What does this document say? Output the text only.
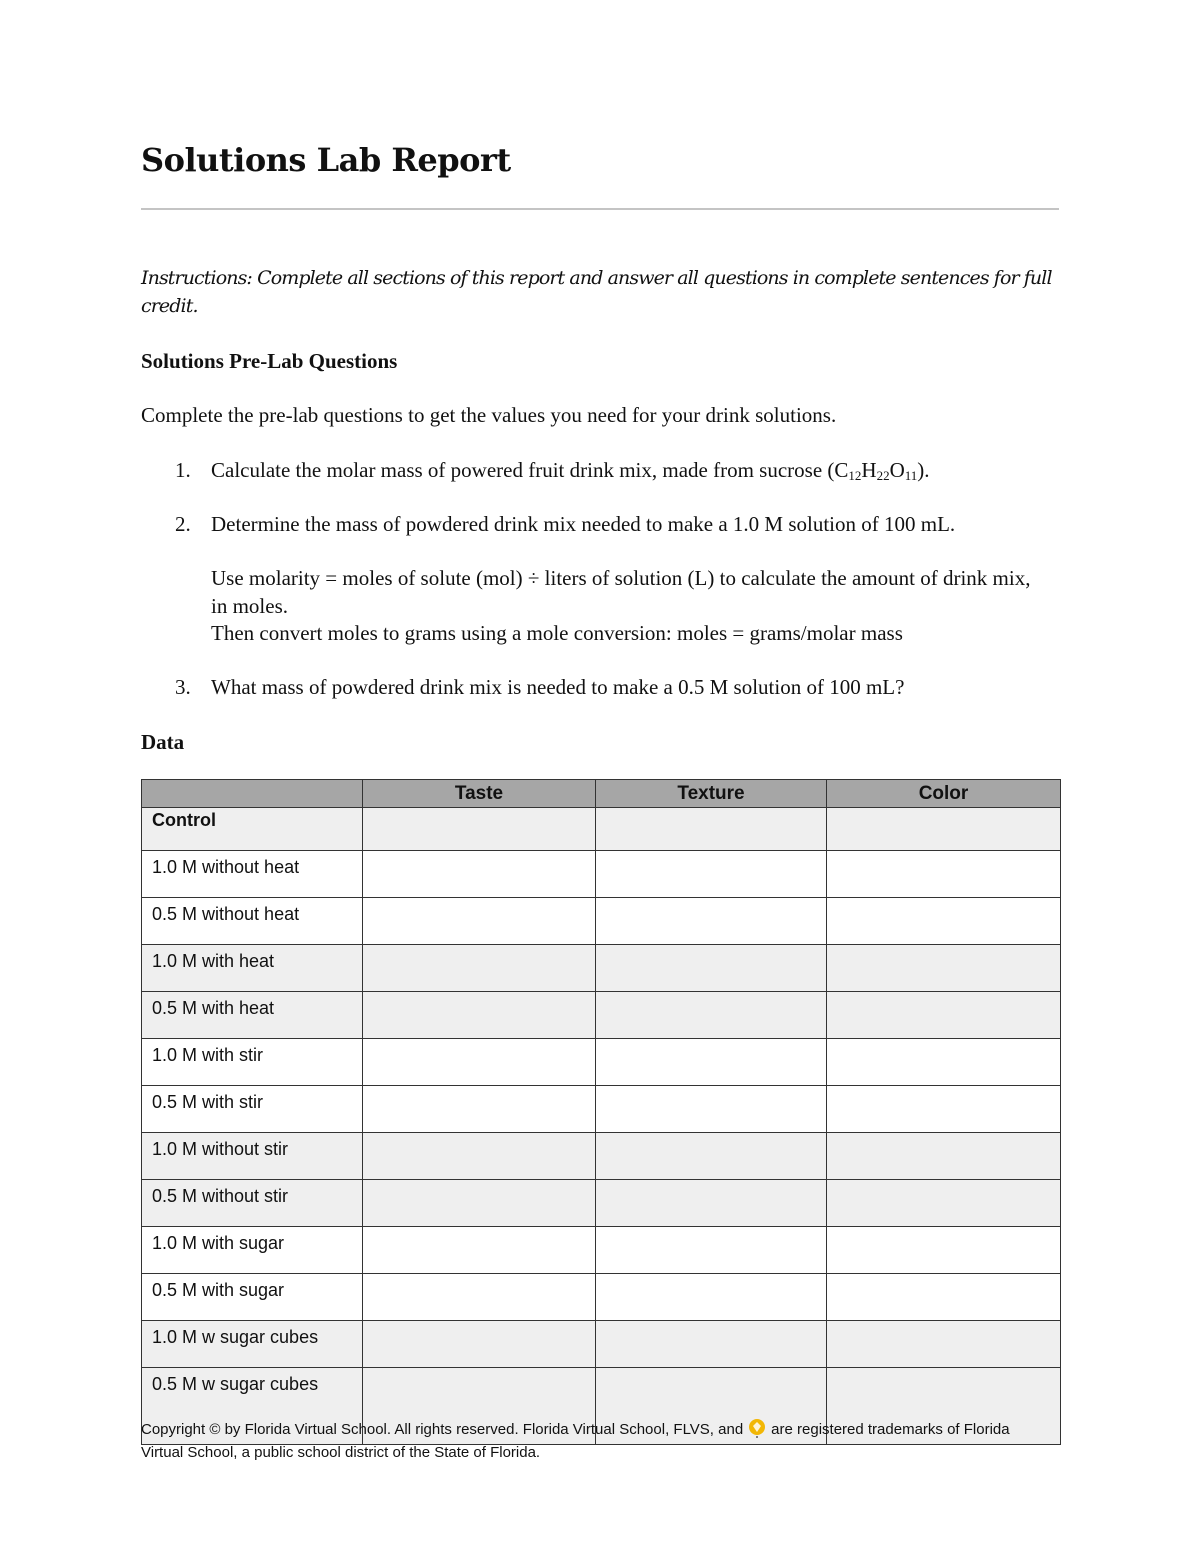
Solutions Lab Report

Instructions: Complete all sections of this report and answer all questions in complete sentences for full credit.

Solutions Pre-Lab Questions

Complete the pre-lab questions to get the values you need for your drink solutions.

1. Calculate the molar mass of powered fruit drink mix, made from sucrose $(C_{12}H_{22}O_{11})$.

2. Determine the mass of powdered drink mix needed to make a 1.0 M solution of 100 mL.

Use molarity = moles of solute (mol) ÷ liters of solution (L) to calculate the amount of drink mix, in moles.

Then convert moles to grams using a mole conversion: moles = grams/molar mass

3. What mass of powdered drink mix is needed to make a 0.5 M solution of 100 mL?

Data
	Taste	Texture	Color
Control			
1.0 M without heat			
0.5 M without heat			
1.0 M with heat			
0.5 M with heat			
1.0 M with stir			
0.5 M with stir			
1.0 M without stir			
0.5 M without stir			
1.0 M with sugar			
0.5 M with sugar			
1.0 M w sugar cubes			
0.5 M w sugar cubes			

Copyright © by Florida Virtual School. All rights reserved. Florida Virtual School, FLVS, and are registered trademarks of Florida Virtual School, a public school district of the State of Florida.
